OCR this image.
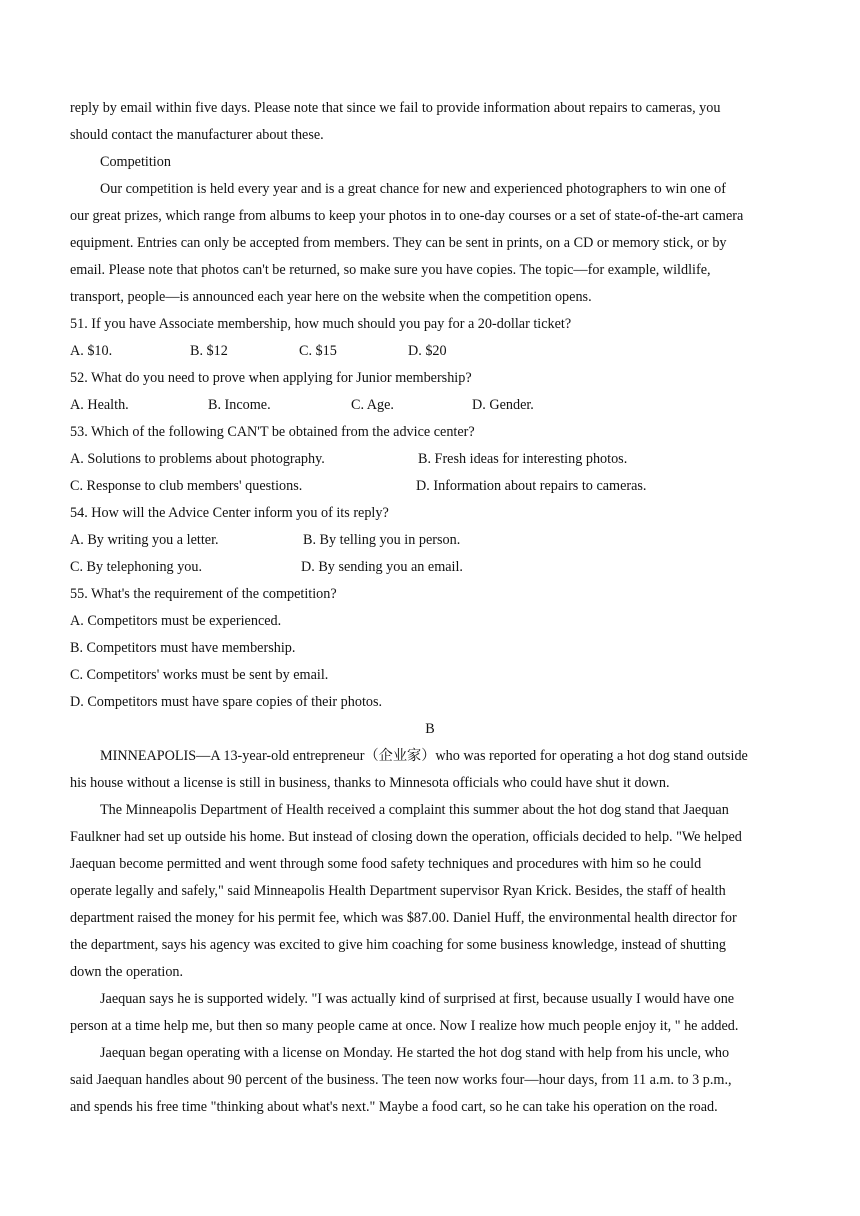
reply by email within five days. Please note that since we fail to provide information about repairs to cameras, you
should contact the manufacturer about these.
Competition
Our competition is held every year and is a great chance for new and experienced photographers to win one of
our great prizes, which range from albums to keep your photos in to one-day courses or a set of state-of-the-art camera
equipment. Entries can only be accepted from members. They can be sent in prints, on a CD or memory stick, or by
email. Please note that photos can't be returned, so make sure you have copies. The topic—for example, wildlife,
transport, people—is announced each year here on the website when the competition opens.
51. If you have Associate membership, how much should you pay for a 20-dollar ticket?
A. $10.	B. $12	C. $15	D. $20
52. What do you need to prove when applying for Junior membership?
A. Health.	B. Income.	C. Age.	D. Gender.
53. Which of the following CAN'T be obtained from the advice center?
A. Solutions to problems about photography.	B. Fresh ideas for interesting photos.
C. Response to club members' questions.	D. Information about repairs to cameras.
54. How will the Advice Center inform you of its reply?
A. By writing you a letter.	B. By telling you in person.
C. By telephoning you.	D. By sending you an email.
55. What's the requirement of the competition?
A. Competitors must be experienced.
B. Competitors must have membership.
C. Competitors' works must be sent by email.
D. Competitors must have spare copies of their photos.
B
MINNEAPOLIS—A 13-year-old entrepreneur（企业家）who was reported for operating a hot dog stand outside
his house without a license is still in business, thanks to Minnesota officials who could have shut it down.
The Minneapolis Department of Health received a complaint this summer about the hot dog stand that Jaequan
Faulkner had set up outside his home. But instead of closing down the operation, officials decided to help. "We helped
Jaequan become permitted and went through some food safety techniques and procedures with him so he could
operate legally and safely," said Minneapolis Health Department supervisor Ryan Krick. Besides, the staff of health
department raised the money for his permit fee, which was $87.00. Daniel Huff, the environmental health director for
the department, says his agency was excited to give him coaching for some business knowledge, instead of shutting
down the operation.
Jaequan says he is supported widely. "I was actually kind of surprised at first, because usually I would have one
person at a time help me, but then so many people came at once. Now I realize how much people enjoy it, " he added.
Jaequan began operating with a license on Monday. He started the hot dog stand with help from his uncle, who
said Jaequan handles about 90 percent of the business. The teen now works four—hour days, from 11 a.m. to 3 p.m.,
and spends his free time "thinking about what's next." Maybe a food cart, so he can take his operation on the road.
